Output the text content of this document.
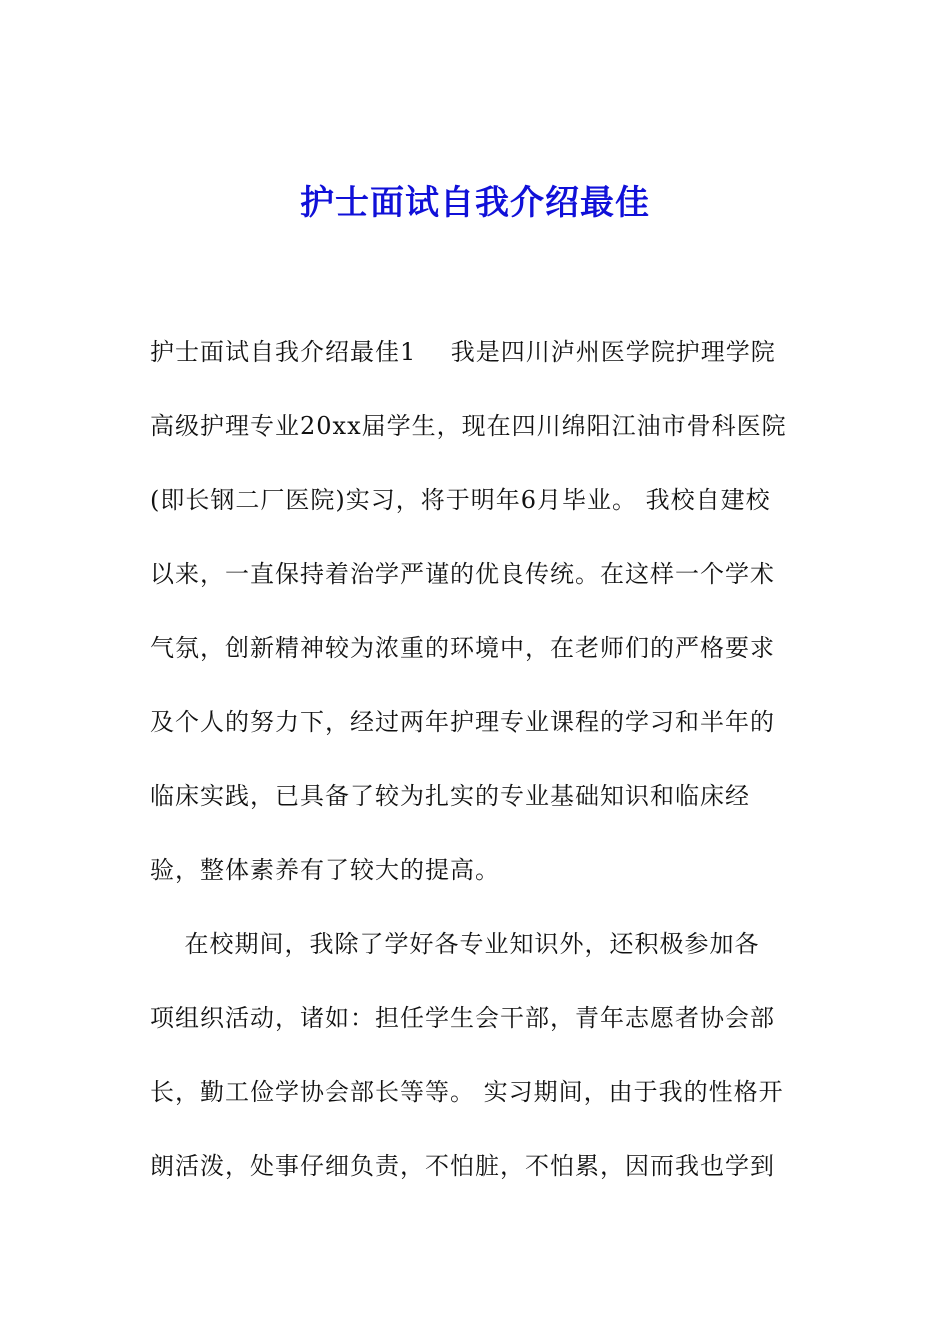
护士面试自我介绍最佳
护士面试自我介绍最佳1    我是四川泸州医学院护理学院
高级护理专业20xx届学生，现在四川绵阳江油市骨科医院
(即长钢二厂医院)实习，将于明年6月毕业。 我校自建校
以来，一直保持着治学严谨的优良传统。在这样一个学术
气氛，创新精神较为浓重的环境中，在老师们的严格要求
及个人的努力下，经过两年护理专业课程的学习和半年的
临床实践，已具备了较为扎实的专业基础知识和临床经
验，整体素养有了较大的提高。
在校期间，我除了学好各专业知识外，还积极参加各
项组织活动，诸如：担任学生会干部，青年志愿者协会部
长，勤工俭学协会部长等等。 实习期间，由于我的性格开
朗活泼，处事仔细负责，不怕脏，不怕累，因而我也学到
